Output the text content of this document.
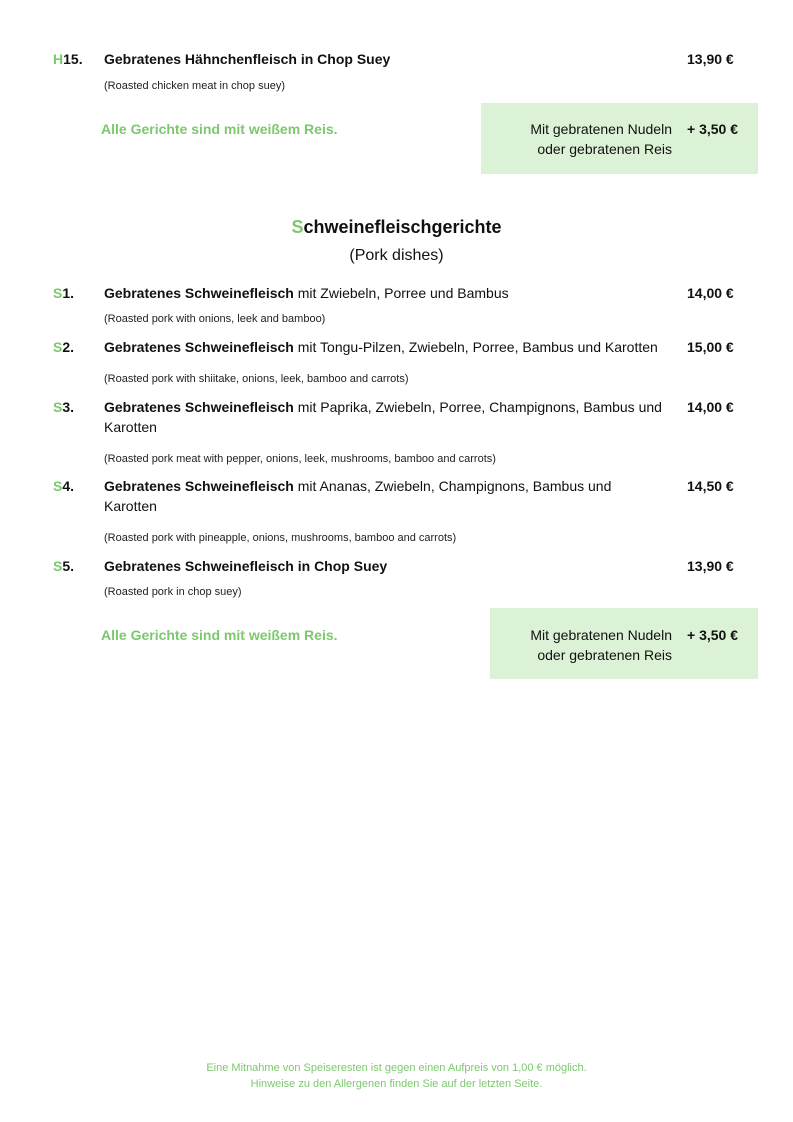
H15. Gebratenes Hähnchenfleisch in Chop Suey	13,90 €
(Roasted chicken meat in chop suey)
Alle Gerichte sind mit weißem Reis.	Mit gebratenen Nudeln
oder gebratenen Reis
+ 3,50 €
Schweinefleischgerichte
(Pork dishes)
S1. Gebratenes Schweinefleisch mit Zwiebeln, Porree und Bambus	14,00 €
(Roasted pork with onions, leek and bamboo)
S2. Gebratenes Schweinefleisch mit Tongu-Pilzen, Zwiebeln, Porree, Bambus und Karotten	15,00 €
(Roasted pork with shiitake, onions, leek, bamboo and carrots)
S3. Gebratenes Schweinefleisch mit Paprika, Zwiebeln, Porree, Champignons, Bambus und Karotten
14,00 €
(Roasted pork meat with pepper, onions, leek, mushrooms, bamboo and carrots)
S4. Gebratenes Schweinefleisch mit Ananas, Zwiebeln, Champignons, Bambus und Karotten
14,50 €
(Roasted pork with pineapple, onions, mushrooms, bamboo and carrots)
S5. Gebratenes Schweinefleisch in Chop Suey	13,90 €
(Roasted pork in chop suey)
Alle Gerichte sind mit weißem Reis.	Mit gebratenen Nudeln
oder gebratenen Reis
+ 3,50 €
Eine Mitnahme von Speiseresten ist gegen einen Aufpreis von 1,00 € möglich.
Hinweise zu den Allergenen finden Sie auf der letzten Seite.
